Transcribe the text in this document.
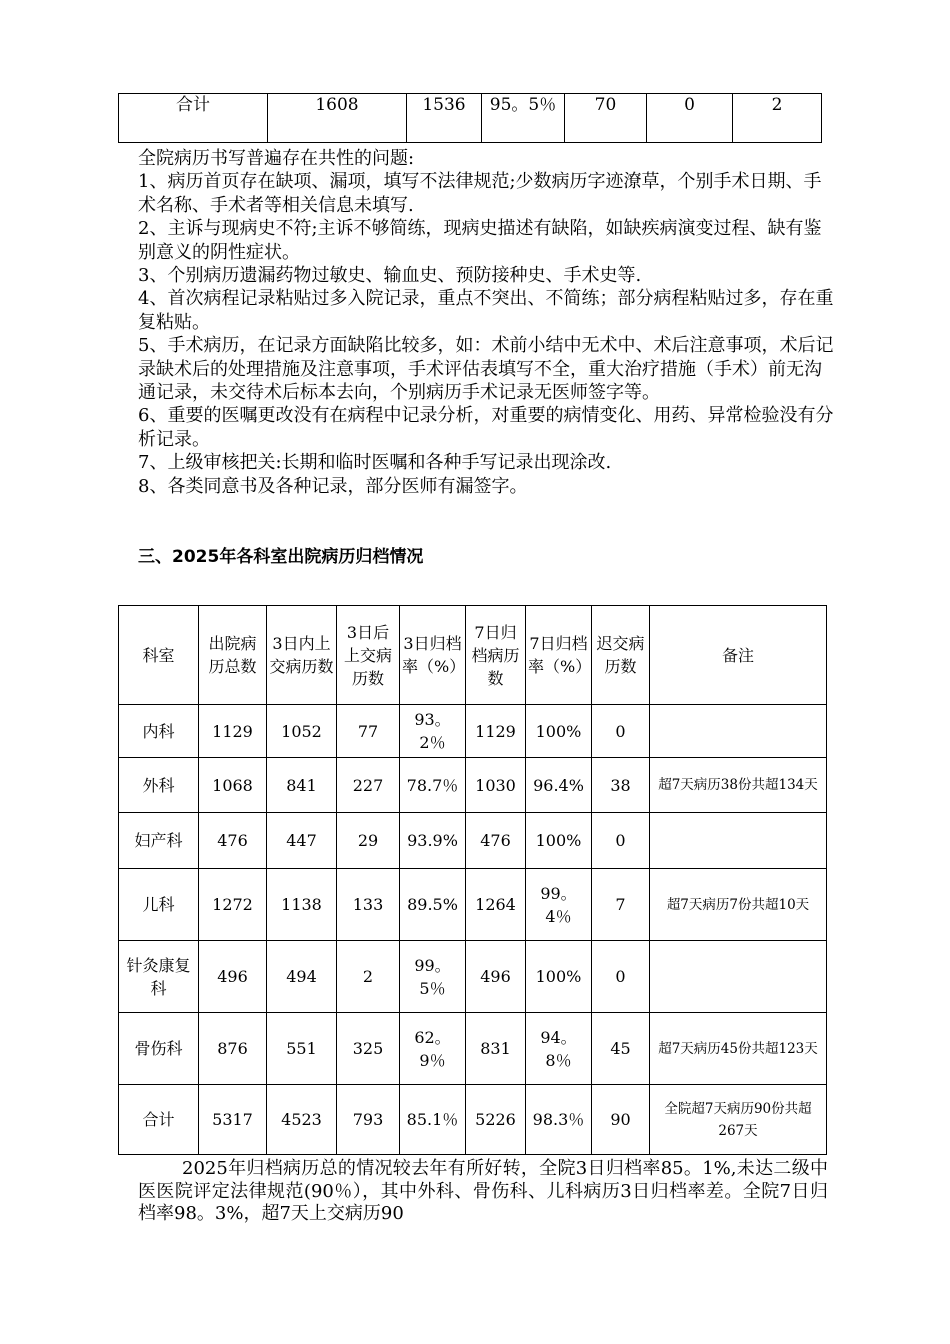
合计	1608	1536	95。5％	70	0	2
全院病历书写普遍存在共性的问题:
1、病历首页存在缺项、漏项，填写不法律规范;少数病历字迹潦草，个别手术日期、手术名称、手术者等相关信息未填写.
2、主诉与现病史不符;主诉不够简练，现病史描述有缺陷，如缺疾病演变过程、缺有鉴别意义的阴性症状。
3、个别病历遗漏药物过敏史、输血史、预防接种史、手术史等.
4、首次病程记录粘贴过多入院记录，重点不突出、不简练；部分病程粘贴过多，存在重复粘贴。
5、手术病历，在记录方面缺陷比较多，如：术前小结中无术中、术后注意事项，术后记录缺术后的处理措施及注意事项，手术评估表填写不全，重大治疗措施（手术）前无沟通记录，未交待术后标本去向，个别病历手术记录无医师签字等。
6、重要的医嘱更改没有在病程中记录分析，对重要的病情变化、用药、异常检验没有分析记录。
7、上级审核把关:长期和临时医嘱和各种手写记录出现涂改.
8、各类同意书及各种记录，部分医师有漏签字。
三、2025年各科室出院病历归档情况
科室	出院病历总数	3日内上交病历数	3日后上交病历数	3日归档率（%）	7日归档病历数	7日归档率（%）	迟交病历数	备注
内科	1129	1052	77	93。2％	1129	100%	0	
外科	1068	841	227	78.7％	1030	96.4%	38	超7天病历38份共超134天
妇产科	476	447	29	93.9%	476	100%	0	
儿科	1272	1138	133	89.5%	1264	99。4％	7	超7天病历7份共超10天
针灸康复科	496	494	2	99。5％	496	100%	0	
骨伤科	876	551	325	62。9％	831	94。8％	45	超7天病历45份共超123天
合计	5317	4523	793	85.1％	5226	98.3％	90	全院超7天病历90份共超267天

2025年归档病历总的情况较去年有所好转，全院3日归档率85。1%,未达二级中医医院评定法律规范(90％），其中外科、骨伤科、儿科病历3日归档率差。全院7日归档率98。3%，超7天上交病历90
